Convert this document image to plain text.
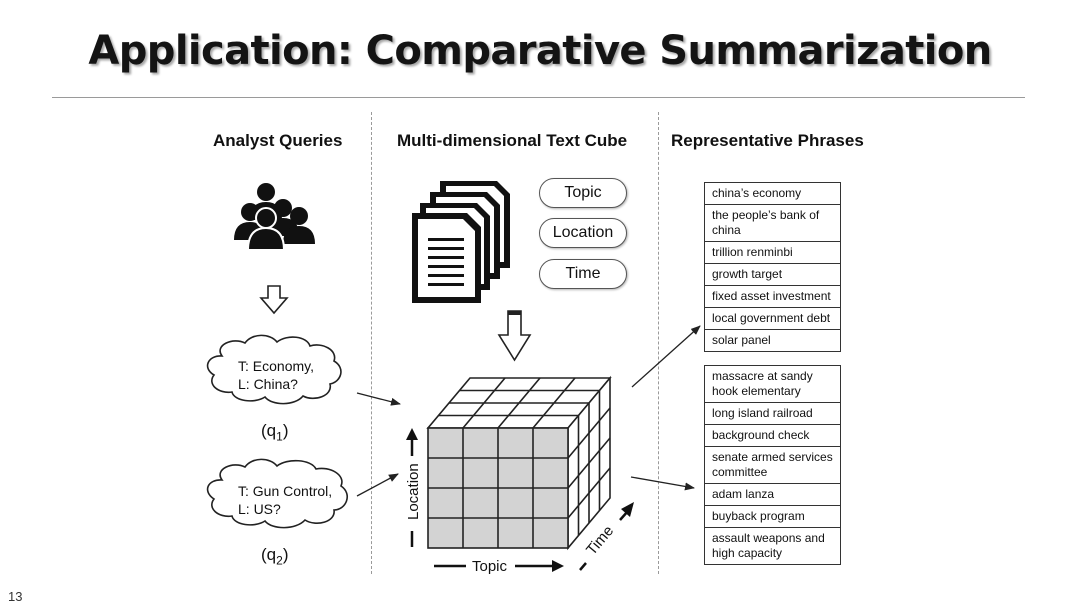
Application: Comparative Summarization
Analyst Queries	Multi-dimensional Text Cube	Representative Phrases
Location
Topic
Time
Topic
Location
Time
T: Economy,
L: China?
T: Gun Control,
L: US?
$(q_1)$
$(q_2)$
china’s economy
the people’s bank of china
trillion renminbi
growth target
fixed asset investment
local government debt
solar panel
massacre at sandy hook elementary
long island railroad
background check
senate armed services committee
adam lanza
buyback program
assault weapons and high capacity
13
